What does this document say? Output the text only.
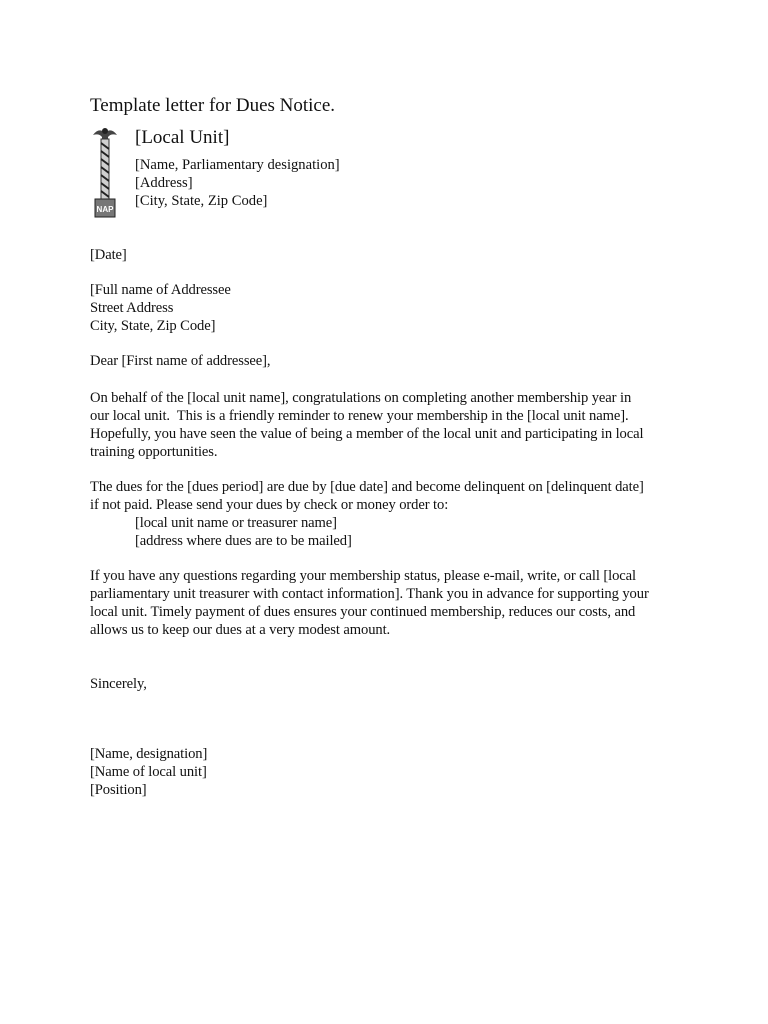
Template letter for Dues Notice.
NAP
[Local Unit]
[Name, Parliamentary designation]
[Address]
[City, State, Zip Code]
[Date]
[Full name of Addressee
Street Address
City, State, Zip Code]
Dear [First name of addressee],
On behalf of the [local unit name], congratulations on completing another membership year in
our local unit.  This is a friendly reminder to renew your membership in the [local unit name].
Hopefully, you have seen the value of being a member of the local unit and participating in local
training opportunities.
The dues for the [dues period] are due by [due date] and become delinquent on [delinquent date]
if not paid. Please send your dues by check or money order to:
[local unit name or treasurer name]
[address where dues are to be mailed]
If you have any questions regarding your membership status, please e-mail, write, or call [local
parliamentary unit treasurer with contact information]. Thank you in advance for supporting your
local unit. Timely payment of dues ensures your continued membership, reduces our costs, and
allows us to keep our dues at a very modest amount.
Sincerely,
[Name, designation]
[Name of local unit]
[Position]
